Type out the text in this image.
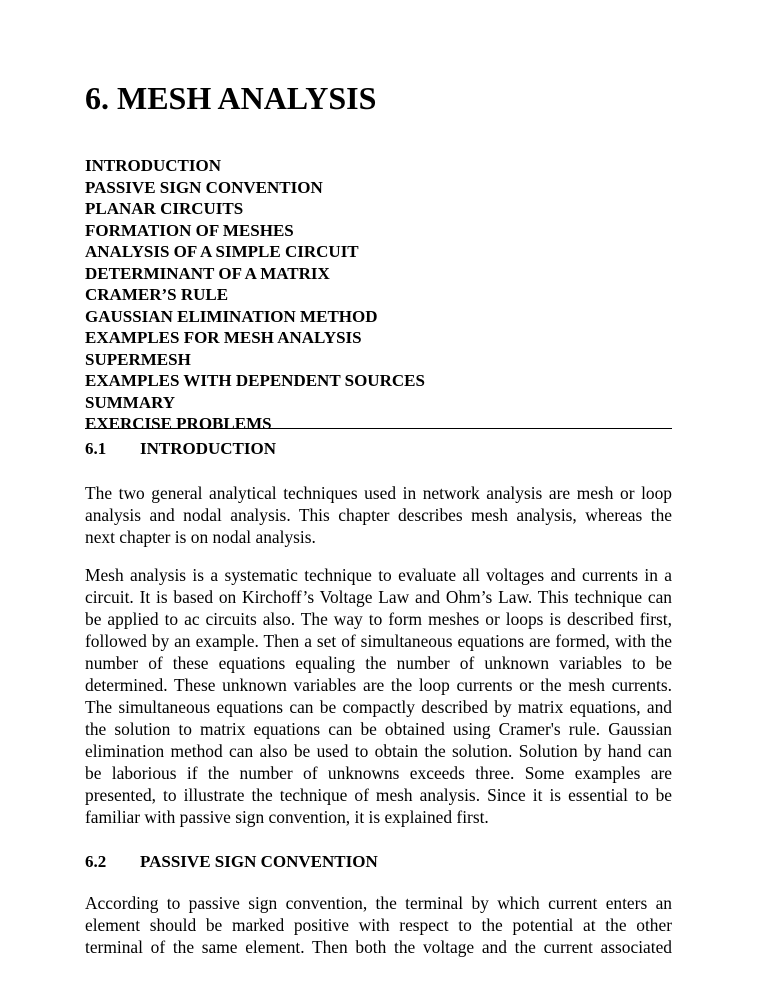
6. MESH ANALYSIS
INTRODUCTION
PASSIVE SIGN CONVENTION
PLANAR CIRCUITS
FORMATION OF MESHES
ANALYSIS OF A SIMPLE CIRCUIT
DETERMINANT OF A MATRIX
CRAMER’S RULE
GAUSSIAN ELIMINATION METHOD
EXAMPLES FOR MESH ANALYSIS
SUPERMESH
EXAMPLES WITH DEPENDENT SOURCES
SUMMARY
EXERCISE PROBLEMS
6.1 INTRODUCTION
The two general analytical techniques used in network analysis are mesh or loop
analysis and nodal analysis. This chapter describes mesh analysis, whereas the
next chapter is on nodal analysis.
Mesh analysis is a systematic technique to evaluate all voltages and currents in a
circuit. It is based on Kirchoff’s Voltage Law and Ohm’s Law. This technique can
be applied to ac circuits also. The way to form meshes or loops is described first,
followed by an example. Then a set of simultaneous equations are formed, with the
number of these equations equaling the number of unknown variables to be
determined. These unknown variables are the loop currents or the mesh currents.
The simultaneous equations can be compactly described by matrix equations, and
the solution to matrix equations can be obtained using Cramer's rule. Gaussian
elimination method can also be used to obtain the solution. Solution by hand can
be laborious if the number of unknowns exceeds three. Some examples are
presented, to illustrate the technique of mesh analysis. Since it is essential to be
familiar with passive sign convention, it is explained first.
6.2 PASSIVE SIGN CONVENTION
According to passive sign convention, the terminal by which current enters an
element should be marked positive with respect to the potential at the other
terminal of the same element. Then both the voltage and the current associated
